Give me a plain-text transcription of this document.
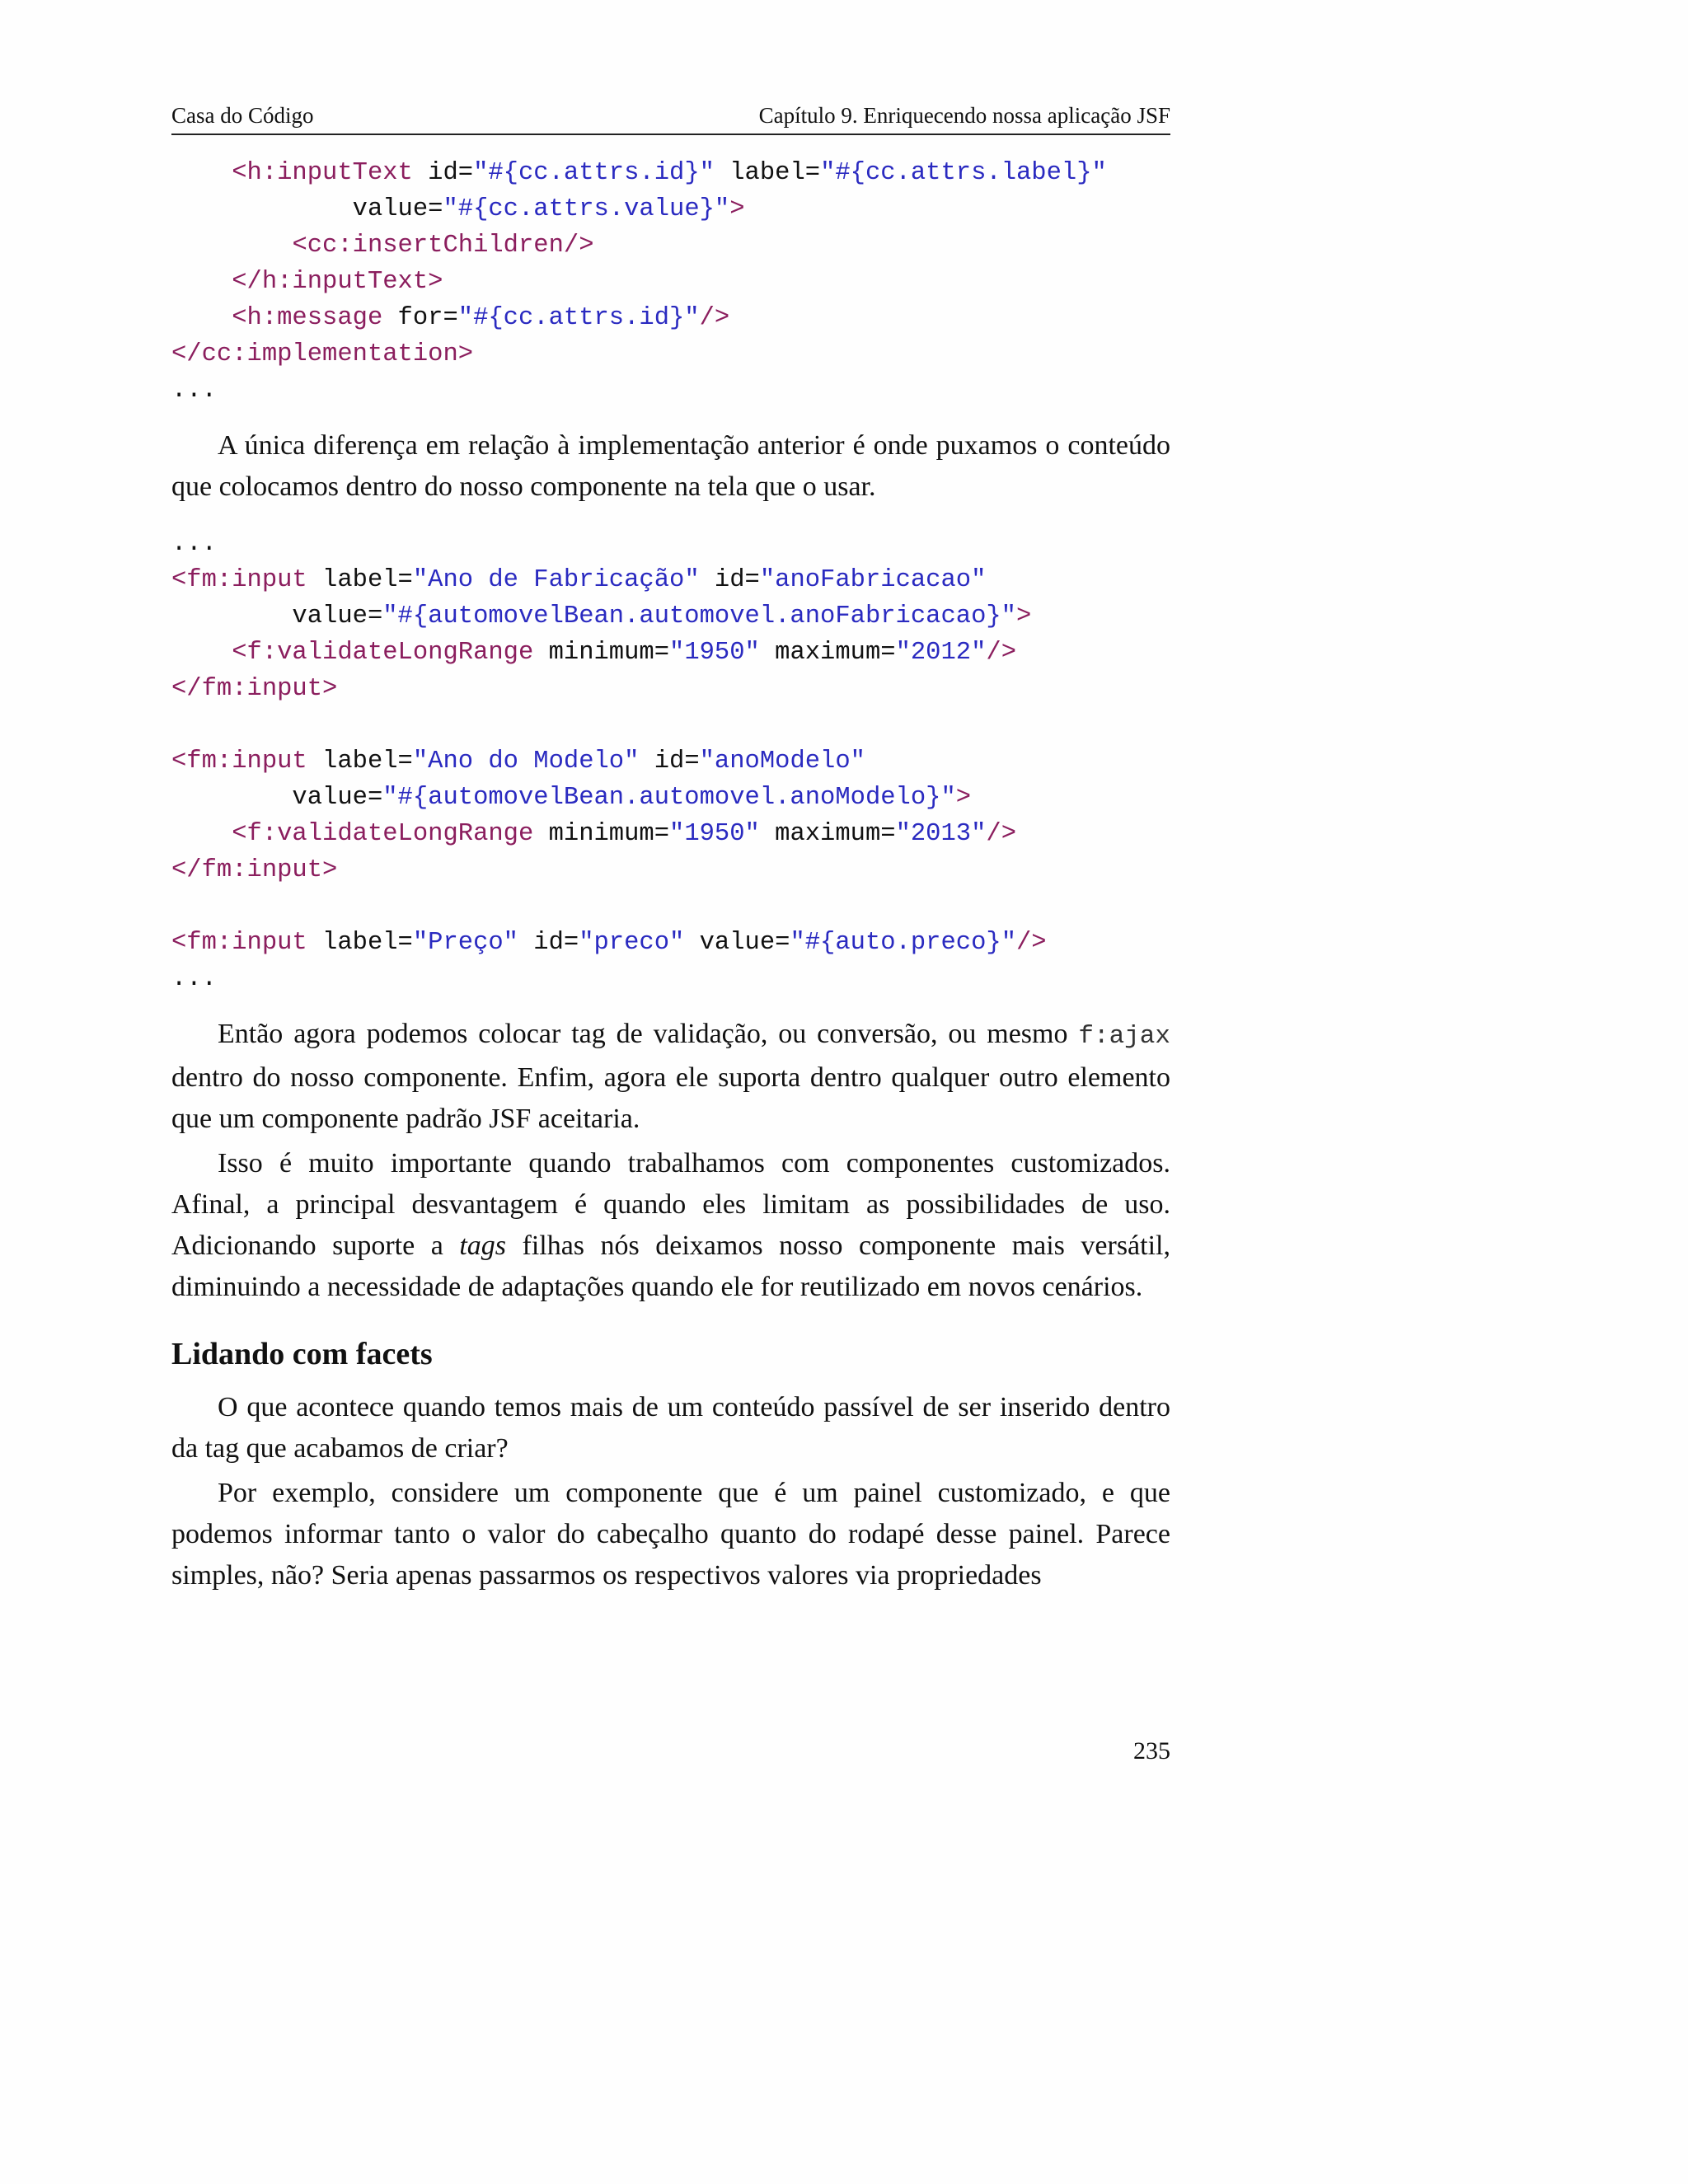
Casa do Código	Capítulo 9. Enriquecendo nossa aplicação JSF
<h:inputText id="#{cc.attrs.id}" label="#{cc.attrs.label}"
value="#{cc.attrs.value}">
<cc:insertChildren/>
</h:inputText>
<h:message for="#{cc.attrs.id}"/>
</cc:implementation>
...

A única diferença em relação à implementação anterior é onde puxamos o conteúdo que colocamos dentro do nosso componente na tela que o usar.

...
<fm:input label="Ano de Fabricação" id="anoFabricacao"
value="#{automovelBean.automovel.anoFabricacao}">
<f:validateLongRange minimum="1950" maximum="2012"/>
</fm:input>
<fm:input label="Ano do Modelo" id="anoModelo"
value="#{automovelBean.automovel.anoModelo}">
<f:validateLongRange minimum="1950" maximum="2013"/>
</fm:input>
<fm:input label="Preço" id="preco" value="#{auto.preco}"/>
...

Então agora podemos colocar tag de validação, ou conversão, ou mesmo f:ajax dentro do nosso componente. Enfim, agora ele suporta dentro qualquer outro elemento que um componente padrão JSF aceitaria.

Isso é muito importante quando trabalhamos com componentes customizados. Afinal, a principal desvantagem é quando eles limitam as possibilidades de uso. Adicionando suporte a tags filhas nós deixamos nosso componente mais versátil, diminuindo a necessidade de adaptações quando ele for reutilizado em novos cenários.

Lidando com facets

O que acontece quando temos mais de um conteúdo passível de ser inserido dentro da tag que acabamos de criar?

Por exemplo, considere um componente que é um painel customizado, e que podemos informar tanto o valor do cabeçalho quanto do rodapé desse painel. Parece simples, não? Seria apenas passarmos os respectivos valores via propriedades

235
